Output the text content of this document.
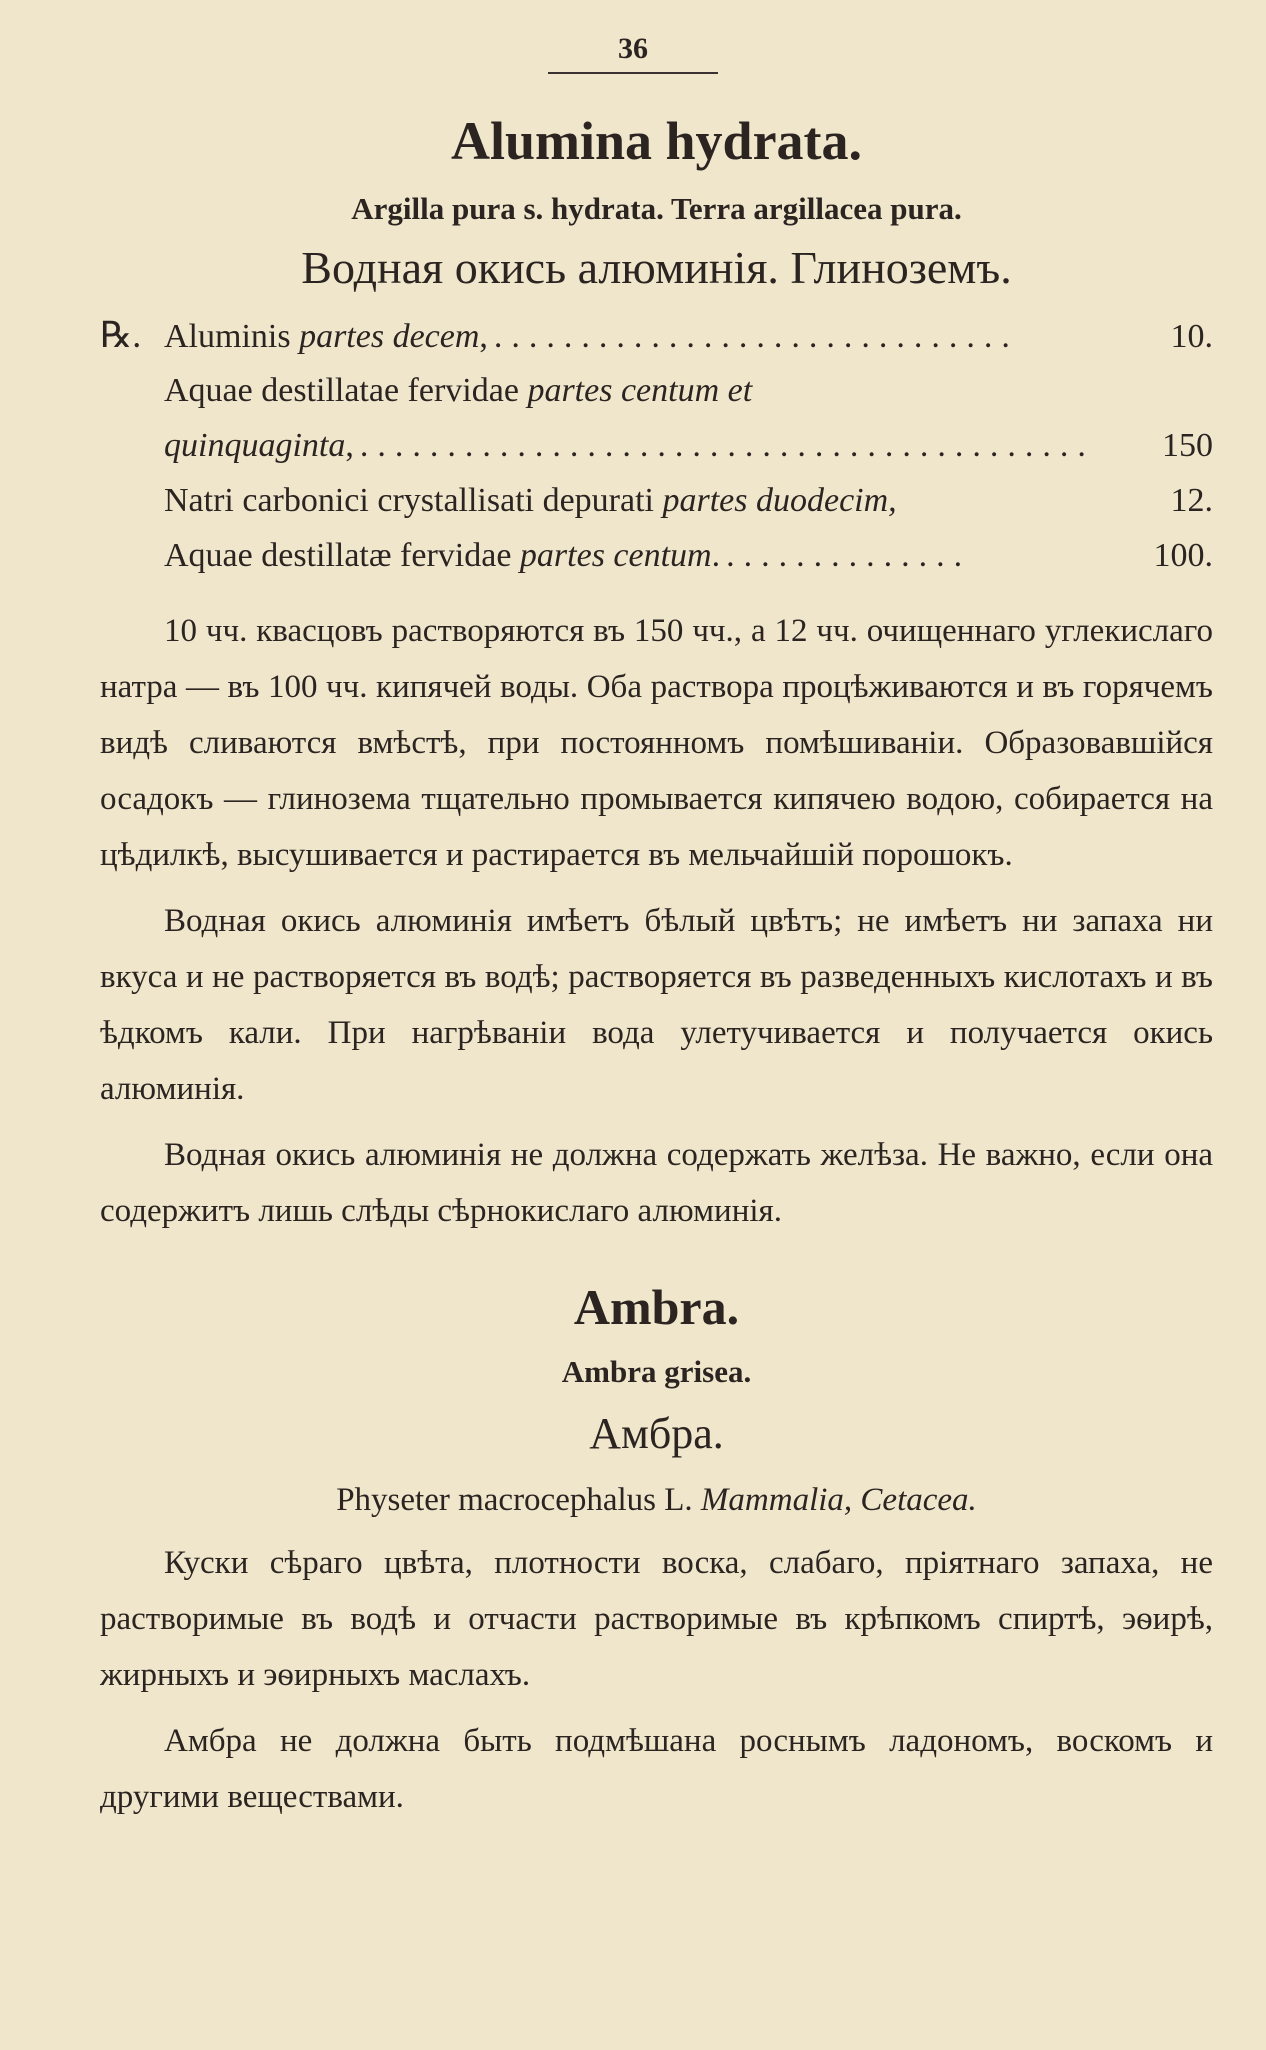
36
Alumina hydrata.
Argilla pura s. hydrata. Terra argillacea pura.
Водная окись алюминія. Глиноземъ.
℞. Aluminis partes decem, ..............................	10.
Aquae destillatae fervidae partes centum et
quinquaginta, ..........................................	150
Natri carbonici crystallisati depurati partes duodecim,	12.
Aquae destillatæ fervidae partes centum. ..............	100.

10 чч. квасцовъ растворяются въ 150 чч., а 12 чч. очищеннаго углекислаго натра — въ 100 чч. кипячей воды. Оба раствора процѣживаются и въ горячемъ видѣ сливаются вмѣстѣ, при постоянномъ помѣшиваніи. Образовавшійся осадокъ — глинозема тщательно промывается кипячею водою, собирается на цѣдилкѣ, высушивается и растирается въ мельчайшій порошокъ.

Водная окись алюминія имѣетъ бѣлый цвѣтъ; не имѣетъ ни запаха ни вкуса и не растворяется въ водѣ; растворяется въ разведенныхъ кислотахъ и въ ѣдкомъ кали. При нагрѣваніи вода улетучивается и получается окись алюминія.

Водная окись алюминія не должна содержать желѣза. Не важно, если она содержитъ лишь слѣды сѣрнокислаго алюминія.

Ambra.
Ambra grisea.
Амбра.
Physeter macrocephalus L. Mammalia, Cetacea.

Куски сѣраго цвѣта, плотности воска, слабаго, пріятнаго запаха, не растворимые въ водѣ и отчасти растворимые въ крѣпкомъ спиртѣ, эѳирѣ, жирныхъ и эѳирныхъ маслахъ.

Амбра не должна быть подмѣшана роснымъ ладономъ, воскомъ и другими веществами.
